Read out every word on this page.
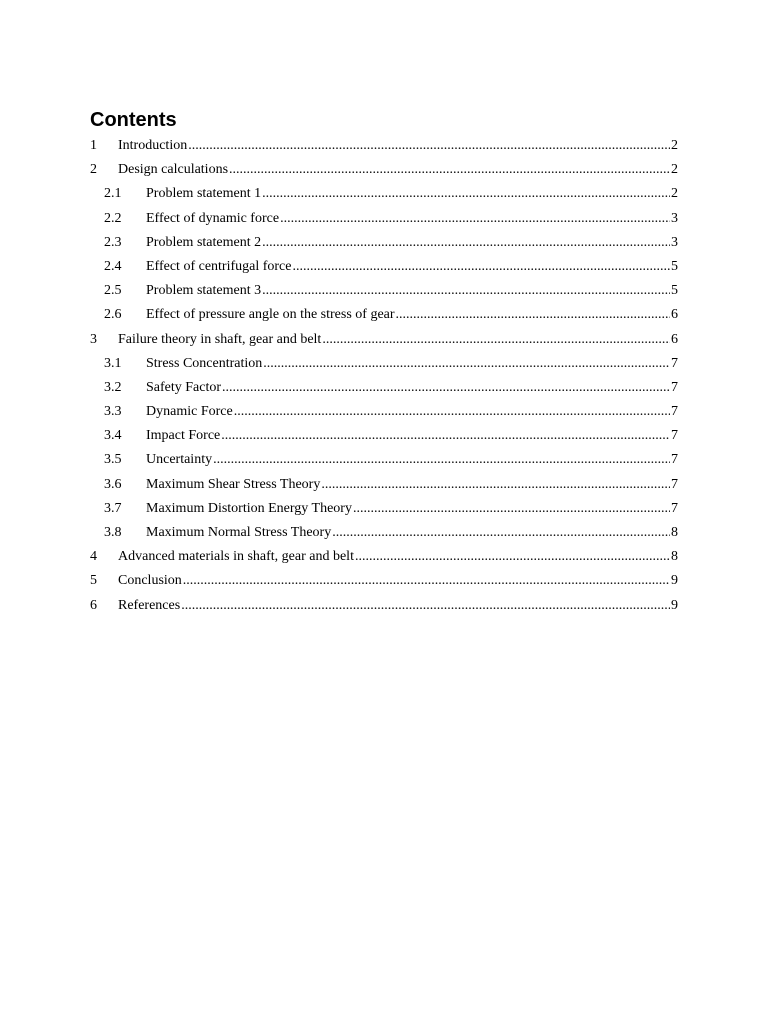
Contents
1	Introduction .....	2
2	Design calculations .....	2
2.1	Problem statement 1 .....	2
2.2	Effect of dynamic force .....	3
2.3	Problem statement 2 .....	3
2.4	Effect of centrifugal force .....	5
2.5	Problem statement 3 .....	5
2.6	Effect of pressure angle on the stress of gear .....	6
3	Failure theory in shaft, gear and belt .....	6
3.1	Stress Concentration .....	7
3.2	Safety Factor .....	7
3.3	Dynamic Force .....	7
3.4	Impact Force .....	7
3.5	Uncertainty .....	7
3.6	Maximum Shear Stress Theory .....	7
3.7	Maximum Distortion Energy Theory .....	7
3.8	Maximum Normal Stress Theory .....	8
4	Advanced materials in shaft, gear and belt .....	8
5	Conclusion .....	9
6	References .....	9
